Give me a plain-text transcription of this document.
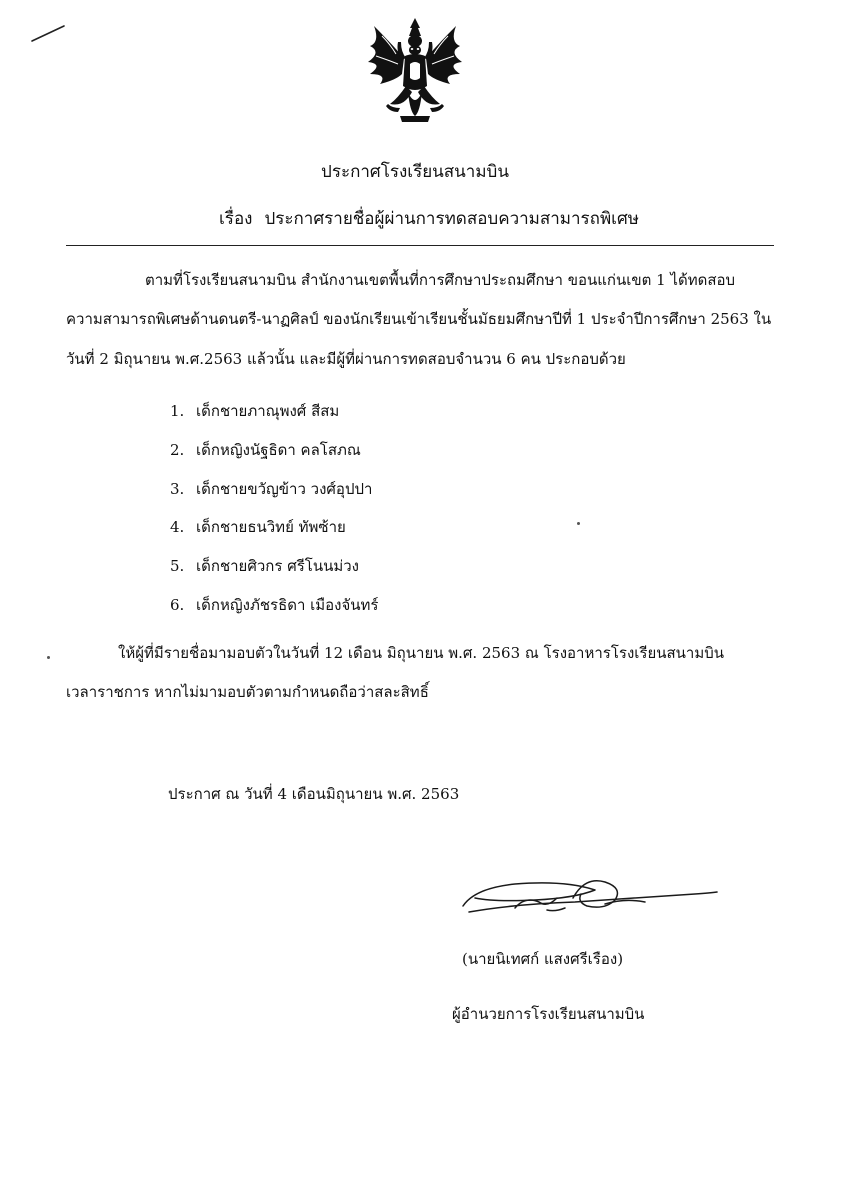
ประกาศโรงเรียนสนามบิน
เรื่อง ประกาศรายชื่อผู้ผ่านการทดสอบความสามารถพิเศษ
ตามที่โรงเรียนสนามบิน สำนักงานเขตพื้นที่การศึกษาประถมศึกษา ขอนแก่นเขต 1 ได้ทดสอบ
ความสามารถพิเศษด้านดนตรี-นาฏศิลป์ ของนักเรียนเข้าเรียนชั้นมัธยมศึกษาปีที่ 1 ประจำปีการศึกษา 2563 ใน
วันที่ 2 มิถุนายน พ.ศ.2563 แล้วนั้น และมีผู้ที่ผ่านการทดสอบจำนวน 6 คน ประกอบด้วย
1. เด็กชายภาณุพงศ์ สีสม
2. เด็กหญิงนัฐธิดา คลโสภณ
3. เด็กชายขวัญข้าว วงศ์อุปปา
4. เด็กชายธนวิทย์ ทัพซ้าย
5. เด็กชายศิวกร ศรีโนนม่วง
6. เด็กหญิงภัชรธิดา เมืองจันทร์
ให้ผู้ที่มีรายชื่อมามอบตัวในวันที่ 12 เดือน มิถุนายน พ.ศ. 2563 ณ โรงอาหารโรงเรียนสนามบิน
เวลาราชการ หากไม่มามอบตัวตามกำหนดถือว่าสละสิทธิ์
ประกาศ ณ วันที่ 4 เดือนมิถุนายน พ.ศ. 2563
(นายนิเทศก์ แสงศรีเรือง)
ผู้อำนวยการโรงเรียนสนามบิน
